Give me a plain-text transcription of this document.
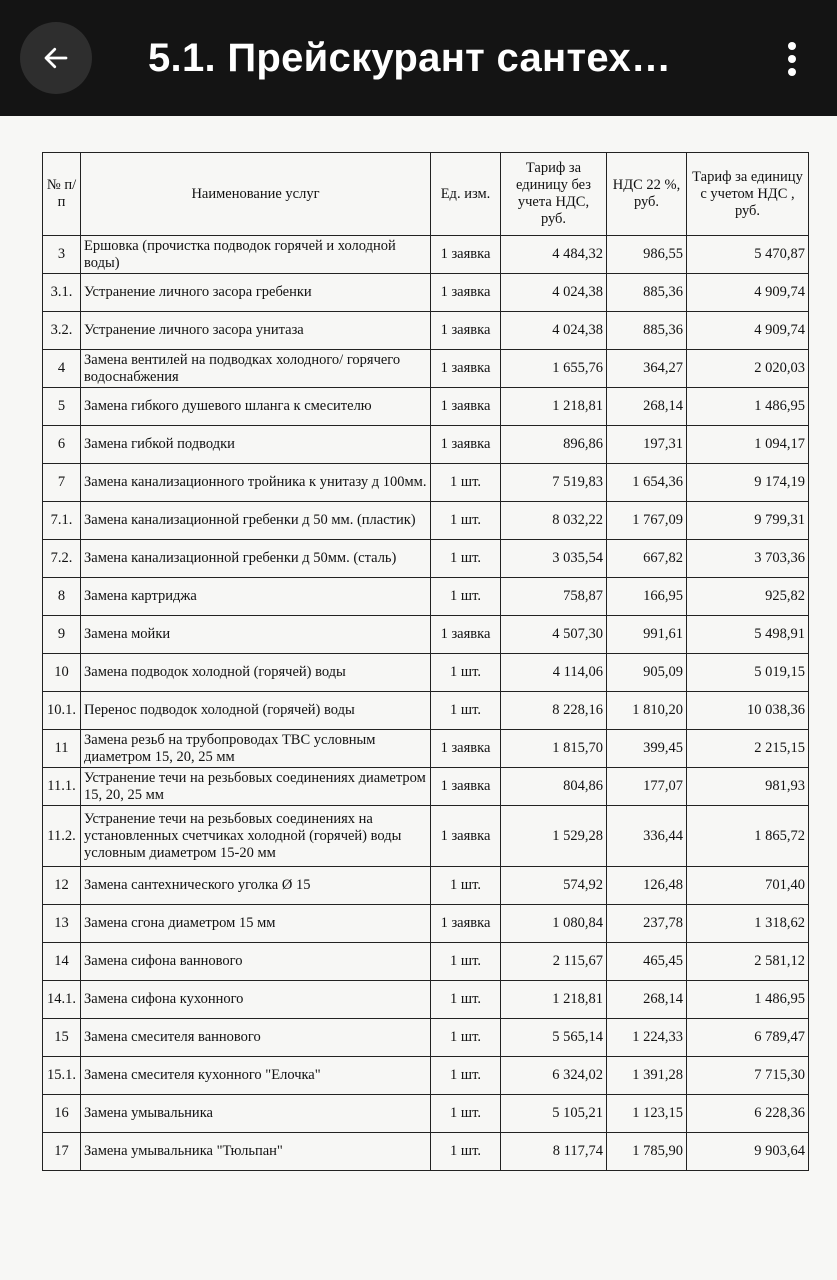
5.1. Прейскурант сантех…
№ п/п	Наименование услуг	Ед. изм.	Тариф за единицу без учета НДС, руб.	НДС 22 %, руб.	Тариф за единицу с учетом НДС , руб.
3	Ершовка (прочистка подводок горячей и холодной воды)	1 заявка	4 484,32	986,55	5 470,87
3.1.	Устранение личного засора гребенки	1 заявка	4 024,38	885,36	4 909,74
3.2.	Устранение личного засора унитаза	1 заявка	4 024,38	885,36	4 909,74
4	Замена вентилей на подводках холодного/ горячего водоснабжения	1 заявка	1 655,76	364,27	2 020,03
5	Замена гибкого душевого шланга к смесителю	1 заявка	1 218,81	268,14	1 486,95
6	Замена гибкой подводки	1 заявка	896,86	197,31	1 094,17
7	Замена канализационного тройника к унитазу д 100мм.	1 шт.	7 519,83	1 654,36	9 174,19
7.1.	Замена канализационной гребенки д 50 мм. (пластик)	1 шт.	8 032,22	1 767,09	9 799,31
7.2.	Замена канализационной гребенки д 50мм. (сталь)	1 шт.	3 035,54	667,82	3 703,36
8	Замена картриджа	1 шт.	758,87	166,95	925,82
9	Замена мойки	1 заявка	4 507,30	991,61	5 498,91
10	Замена подводок холодной (горячей) воды	1 шт.	4 114,06	905,09	5 019,15
10.1.	Перенос подводок холодной (горячей) воды	1 шт.	8 228,16	1 810,20	10 038,36
11	Замена резьб на трубопроводах ТВС условным диаметром 15, 20, 25 мм	1 заявка	1 815,70	399,45	2 215,15
11.1.	Устранение течи на резьбовых соединениях диаметром 15, 20, 25 мм	1 заявка	804,86	177,07	981,93
11.2.	Устранение течи на резьбовых соединениях на установленных счетчиках холодной (горячей) воды условным диаметром 15-20 мм	1 заявка	1 529,28	336,44	1 865,72
12	Замена сантехнического уголка Ø 15	1 шт.	574,92	126,48	701,40
13	Замена сгона диаметром 15 мм	1 заявка	1 080,84	237,78	1 318,62
14	Замена сифона ваннового	1 шт.	2 115,67	465,45	2 581,12
14.1.	Замена сифона кухонного	1 шт.	1 218,81	268,14	1 486,95
15	Замена смесителя ваннового	1 шт.	5 565,14	1 224,33	6 789,47
15.1.	Замена смесителя кухонного "Елочка"	1 шт.	6 324,02	1 391,28	7 715,30
16	Замена умывальника	1 шт.	5 105,21	1 123,15	6 228,36
17	Замена умывальника "Тюльпан"	1 шт.	8 117,74	1 785,90	9 903,64
